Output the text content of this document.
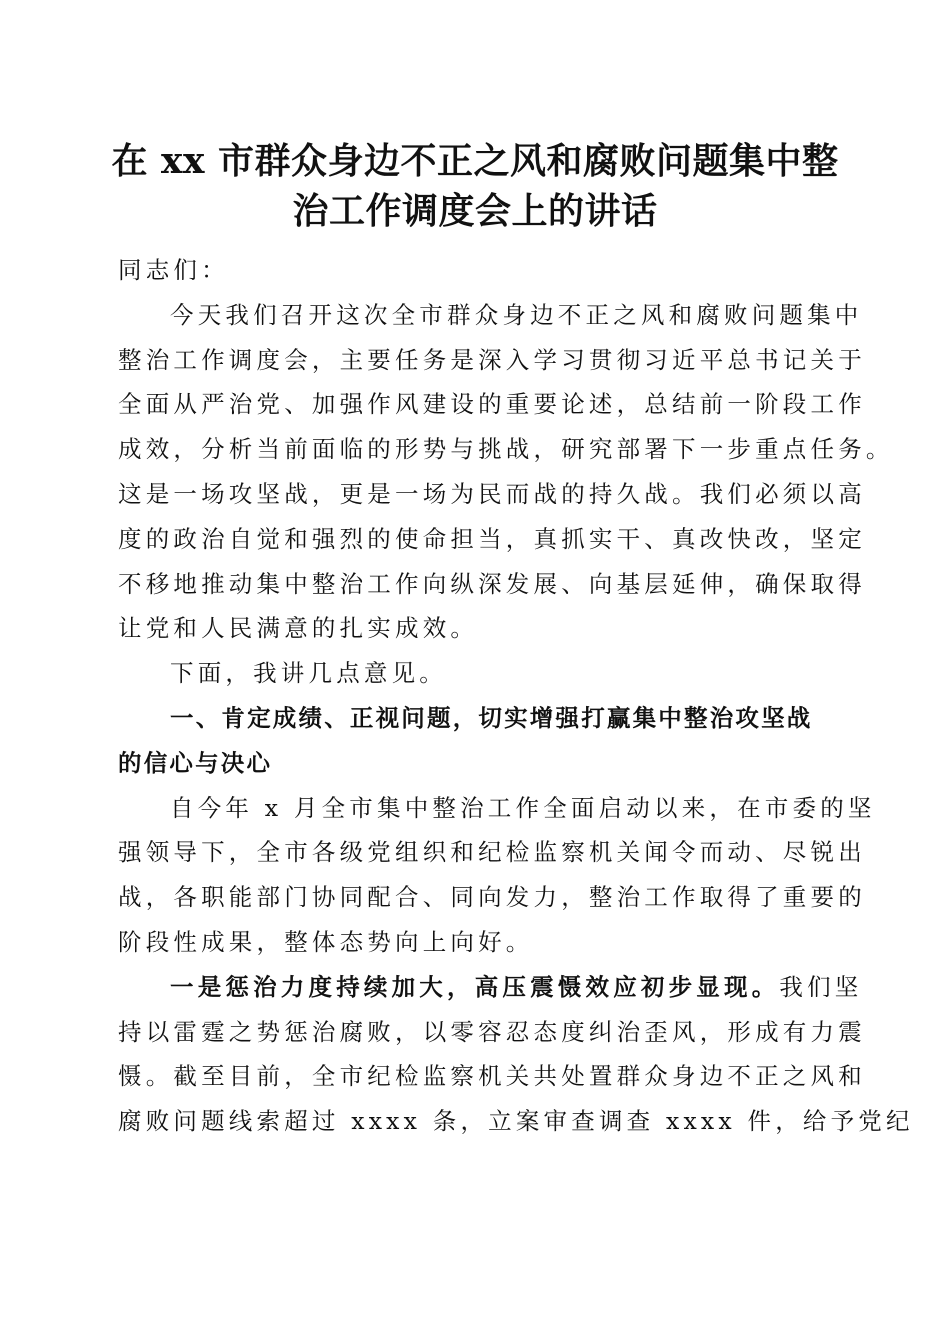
在 xx 市群众身边不正之风和腐败问题集中整
治工作调度会上的讲话
同志们：
今天我们召开这次全市群众身边不正之风和腐败问题集中
整治工作调度会，主要任务是深入学习贯彻习近平总书记关于
全面从严治党、加强作风建设的重要论述，总结前一阶段工作
成效，分析当前面临的形势与挑战，研究部署下一步重点任务。
这是一场攻坚战，更是一场为民而战的持久战。我们必须以高
度的政治自觉和强烈的使命担当，真抓实干、真改快改，坚定
不移地推动集中整治工作向纵深发展、向基层延伸，确保取得
让党和人民满意的扎实成效。
下面，我讲几点意见。
一、肯定成绩、正视问题，切实增强打赢集中整治攻坚战
的信心与决心
自今年 x 月全市集中整治工作全面启动以来，在市委的坚
强领导下，全市各级党组织和纪检监察机关闻令而动、尽锐出
战，各职能部门协同配合、同向发力，整治工作取得了重要的
阶段性成果，整体态势向上向好。
一是惩治力度持续加大，高压震慑效应初步显现。我们坚
持以雷霆之势惩治腐败，以零容忍态度纠治歪风，形成有力震
慑。截至目前，全市纪检监察机关共处置群众身边不正之风和
腐败问题线索超过 xxxx 条，立案审查调查 xxxx 件，给予党纪
